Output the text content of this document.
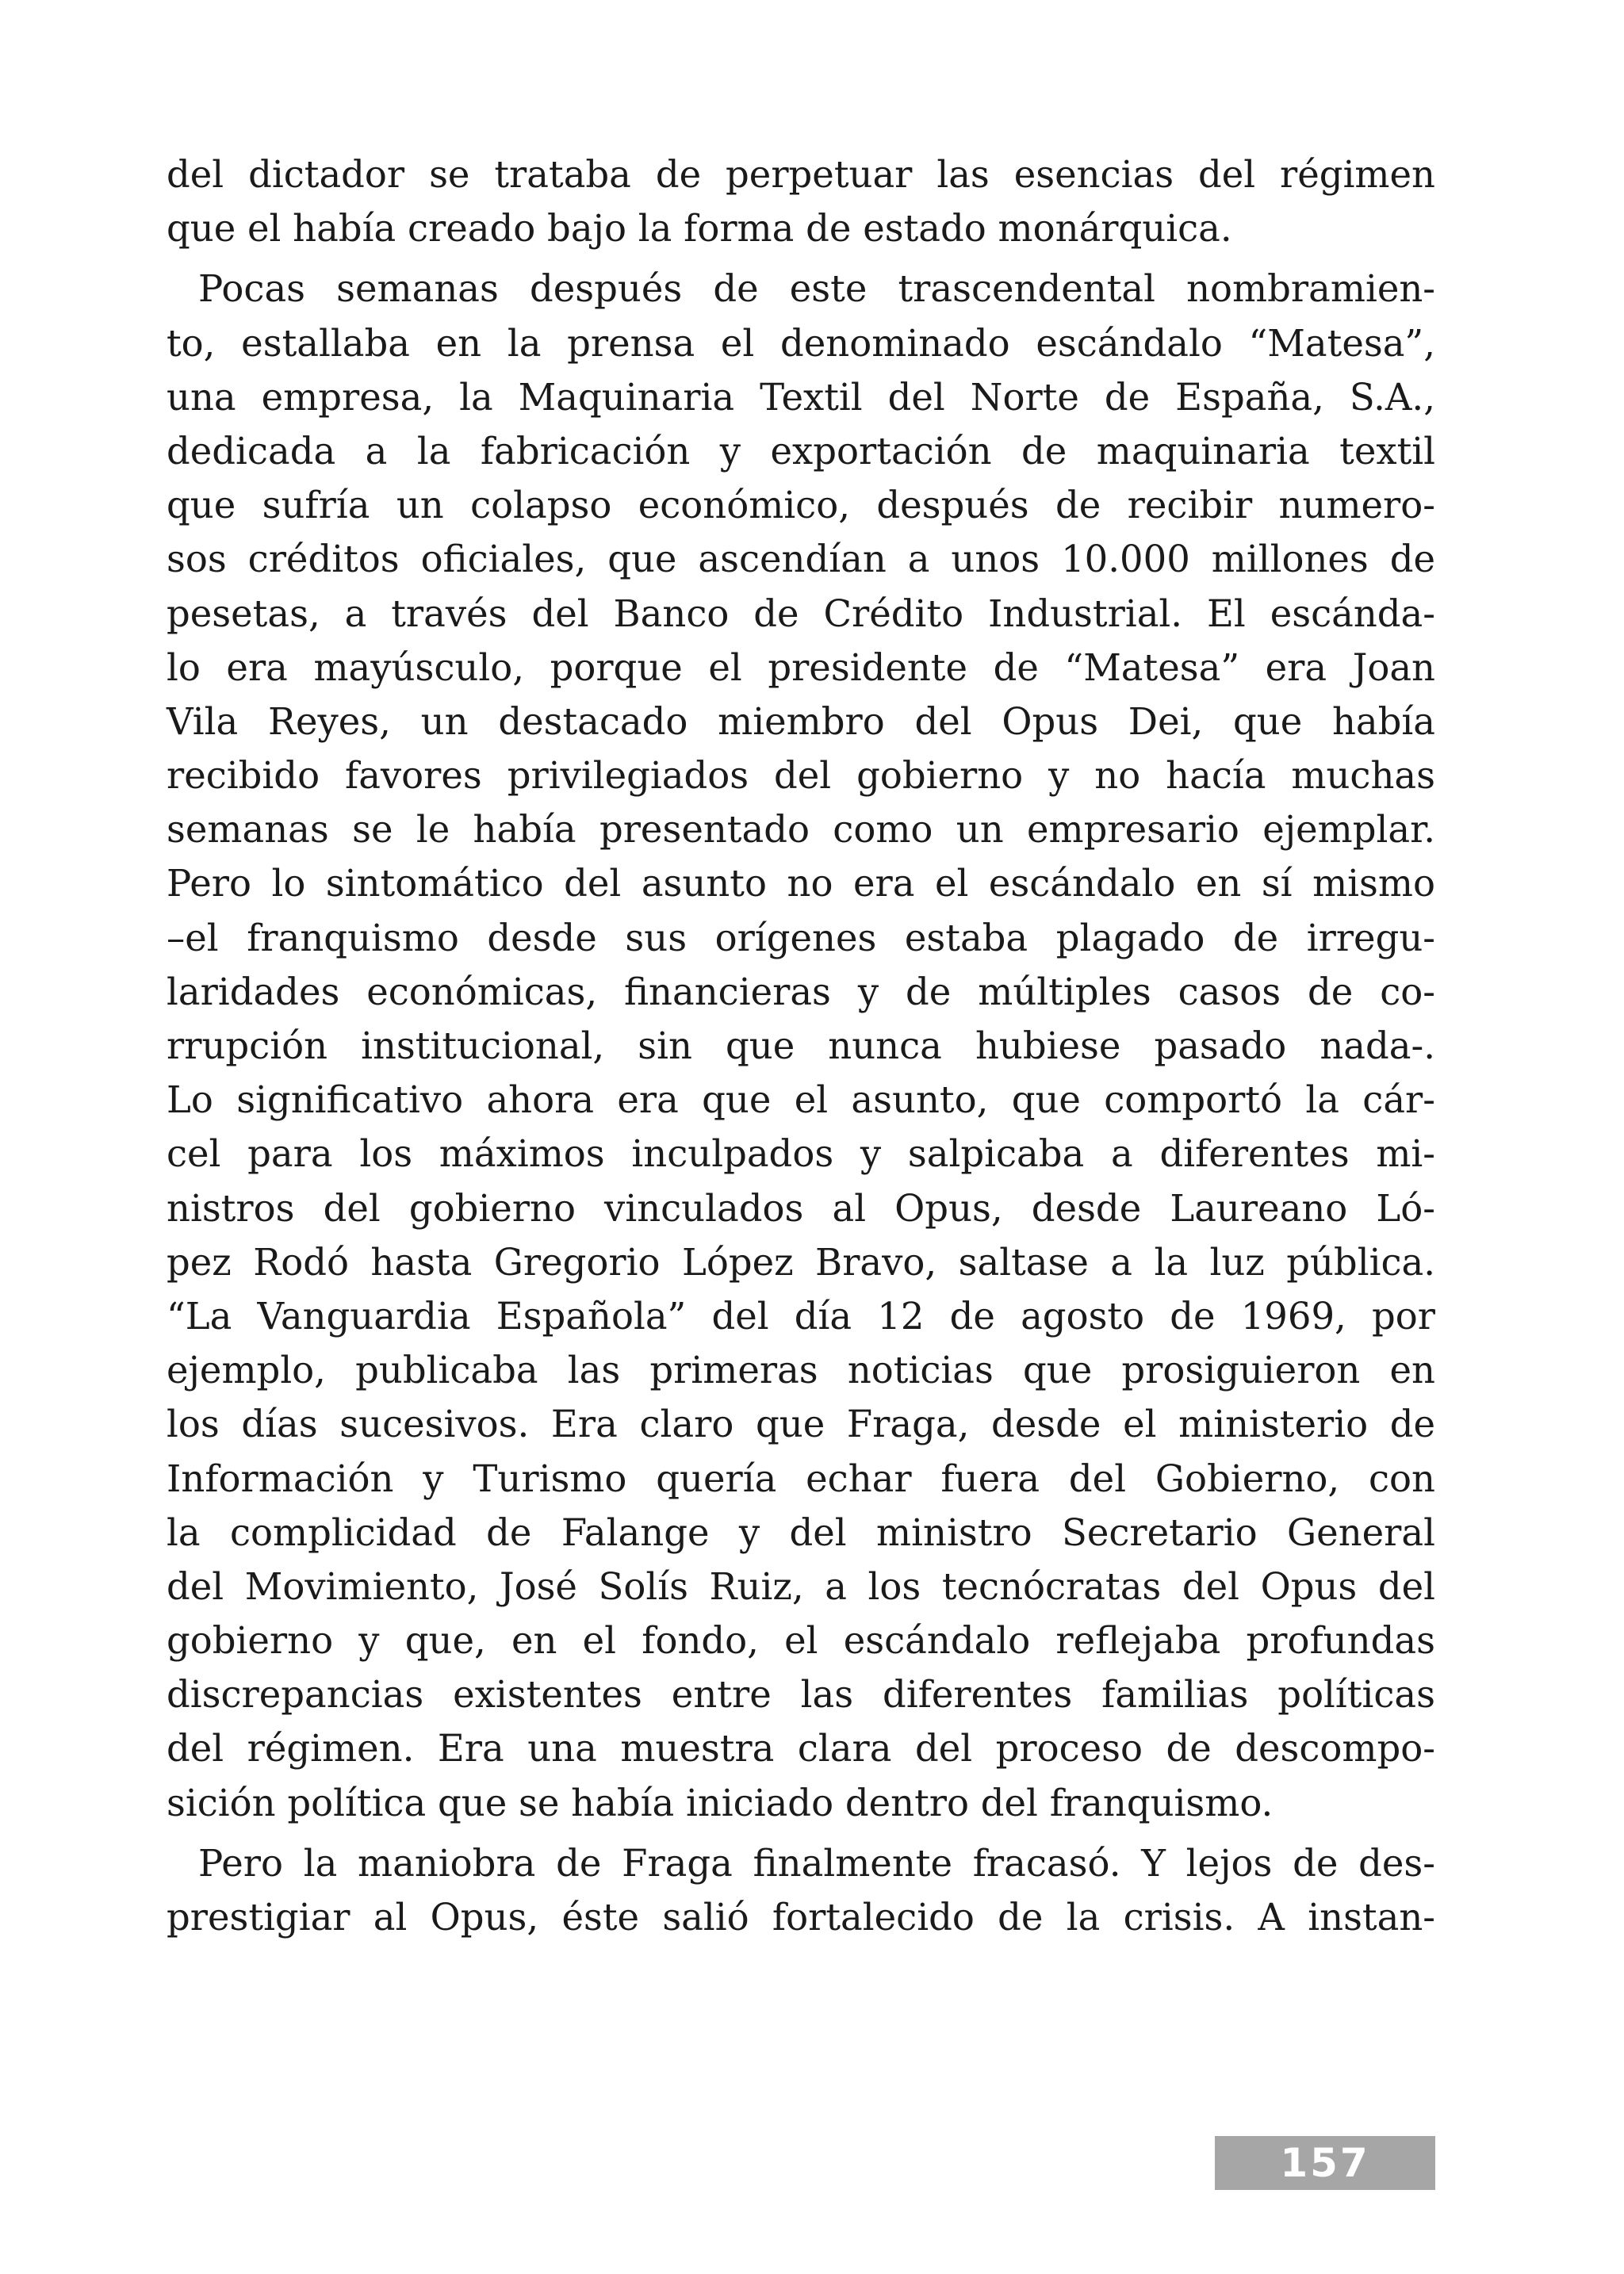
del dictador se trataba de perpetuar las esencias del régimen
que el había creado bajo la forma de estado monárquica.
Pocas semanas después de este trascendental nombramien-
to, estallaba en la prensa el denominado escándalo “Matesa”,
una empresa, la Maquinaria Textil del Norte de España, S.A.,
dedicada a la fabricación y exportación de maquinaria textil
que sufría un colapso económico, después de recibir numero-
sos créditos oficiales, que ascendían a unos 10.000 millones de
pesetas, a través del Banco de Crédito Industrial. El escánda-
lo era mayúsculo, porque el presidente de “Matesa” era Joan
Vila Reyes, un destacado miembro del Opus Dei, que había
recibido favores privilegiados del gobierno y no hacía muchas
semanas se le había presentado como un empresario ejemplar.
Pero lo sintomático del asunto no era el escándalo en sí mismo
–el franquismo desde sus orígenes estaba plagado de irregu-
laridades económicas, financieras y de múltiples casos de co-
rrupción institucional, sin que nunca hubiese pasado nada-.
Lo significativo ahora era que el asunto, que comportó la cár-
cel para los máximos inculpados y salpicaba a diferentes mi-
nistros del gobierno vinculados al Opus, desde Laureano Ló-
pez Rodó hasta Gregorio López Bravo, saltase a la luz pública.
“La Vanguardia Española” del día 12 de agosto de 1969, por
ejemplo, publicaba las primeras noticias que prosiguieron en
los días sucesivos. Era claro que Fraga, desde el ministerio de
Información y Turismo quería echar fuera del Gobierno, con
la complicidad de Falange y del ministro Secretario General
del Movimiento, José Solís Ruiz, a los tecnócratas del Opus del
gobierno y que, en el fondo, el escándalo reflejaba profundas
discrepancias existentes entre las diferentes familias políticas
del régimen. Era una muestra clara del proceso de descompo-
sición política que se había iniciado dentro del franquismo.
Pero la maniobra de Fraga finalmente fracasó. Y lejos de des-
prestigiar al Opus, éste salió fortalecido de la crisis. A instan-
157
